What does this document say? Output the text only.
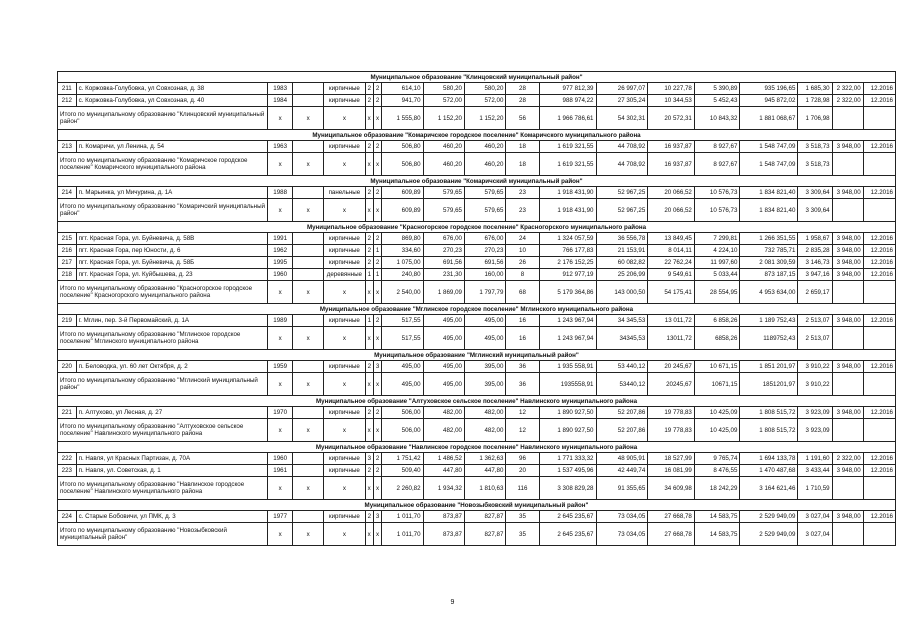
Муниципальное образование "Клинцовский муниципальный район"																		
211	с. Коржовка-Голубовка, ул Совхозная, д. 38	1983		кирпичные	2	2	614,10	580,20	580,20	28	977 812,39	26 997,07	10 227,78	5 390,89	935 196,65	1 685,30	2 322,00	12.2016
212	с. Коржовка-Голубовка, ул Совхозная, д. 40	1984		кирпичные	2	2	941,70	572,00	572,00	28	988 974,22	27 305,24	10 344,53	5 452,43	945 872,02	1 728,98	2 322,00	12.2016
Итого по муниципальному образованию "Клинцовский муниципальный район"		х	х	х	х	х	1 555,80	1 152,20	1 152,20	56	1 966 786,61	54 302,31	20 572,31	10 843,32	1 881 068,67	1 706,98		
Муниципальное образование "Комаричское городское поселение" Комаричского муниципального района																		
213	п. Комаричи, ул Ленина, д. 54	1963		кирпичные	2	2	506,80	460,20	460,20	18	1 619 321,55	44 708,92	16 937,87	8 927,67	1 548 747,09	3 518,73	3 948,00	12.2016
Итого по муниципальному образованию "Комаричское городское поселение" Комаричского муниципального района		х	х	х	х	х	506,80	460,20	460,20	18	1 619 321,55	44 708,92	16 937,87	8 927,67	1 548 747,09	3 518,73		
Муниципальное образование "Комаричский муниципальный район"																		
214	п. Марьинка, ул Мичурина, д. 1А	1988		панельные	2	2	609,89	579,65	579,65	23	1 918 431,90	52 967,25	20 066,52	10 576,73	1 834 821,40	3 309,64	3 948,00	12.2016
Итого по муниципальному образованию "Комаричский муниципальный район"		х	х	х	х	х	609,89	579,65	579,65	23	1 918 431,90	52 967,25	20 066,52	10 576,73	1 834 821,40	3 309,64		
Муниципальное образование "Красногорское городское поселение" Красногорского муниципального района																		
215	пгт. Красная Гора, ул. Буйневича, д. 58В	1991		кирпичные	2	2	869,80	676,00	676,00	24	1 324 057,59	36 556,78	13 849,45	7 299,81	1 266 351,55	1 958,67	3 948,00	12.2016
216	пгт. Красная Гора, пер Юности, д. 6	1962		кирпичные	2	1	334,60	270,23	270,23	10	766 177,83	21 153,91	8 014,11	4 224,10	732 785,71	2 835,28	3 948,00	12.2016
217	пгт. Красная Гора, ул. Буйневича, д. 58Б	1995		кирпичные	2	2	1 075,00	691,56	691,56	26	2 176 152,25	60 082,82	22 762,24	11 997,60	2 081 309,59	3 146,73	3 948,00	12.2016
218	пгт. Красная Гора, ул. Куйбышева, д. 23	1960		деревянные	1	1	240,80	231,30	160,00	8	912 977,19	25 206,99	9 549,61	5 033,44	873 187,15	3 947,16	3 948,00	12.2016
Итого по муниципальному образованию "Красногорское городское поселение" Красногорского муниципального района		х	х	х	х	х	2 540,00	1 869,09	1 797,79	68	5 179 364,86	143 000,50	54 175,41	28 554,95	4 953 634,00	2 659,17		
Муниципальное образование "Мглинское городское поселение" Мглинского муниципального района																		
219	г. Мглин, пер. 3-й Первомайский, д. 1А	1989		кирпичные	1	2	517,55	495,00	495,00	16	1 243 967,94	34 345,53	13 011,72	6 858,26	1 189 752,43	2 513,07	3 948,00	12.2016
Итого по муниципальному образованию "Мглинское городское поселение" Мглинского муниципального района		х	х	х	х	х	517,55	495,00	495,00	16	1 243 967,94	34345,53	13011,72	6858,26	1189752,43	2 513,07		
Муниципальное образование "Мглинский муниципальный район"																		
220	п. Беловодка, ул. 60 лет Октября, д. 2	1959		кирпичные	2	3	495,00	495,00	395,00	36	1 935 558,91	53 440,12	20 245,67	10 671,15	1 851 201,97	3 910,22	3 948,00	12.2016
Итого по муниципальному образованию "Мглинский муниципальный район"		х	х	х	х	х	495,00	495,00	395,00	36	1935558,91	53440,12	20245,67	10671,15	1851201,97	3 910,22		
Муниципальное образование "Алтуховское сельское поселение" Навлинского муниципального района																		
221	п. Алтухово, ул Лесная, д. 27	1970		кирпичные	2	2	506,00	482,00	482,00	12	1 890 927,50	52 207,86	19 778,83	10 425,09	1 808 515,72	3 923,09	3 948,00	12.2016
Итого по муниципальному образованию "Алтуховское сельское поселение" Навлинского муниципального района		х	х	х	х	х	506,00	482,00	482,00	12	1 890 927,50	52 207,86	19 778,83	10 425,09	1 808 515,72	3 923,09		
Муниципальное образование "Навлинское городское поселение" Навлинского муниципального района																		
222	п. Навля, ул Красных Партизан, д. 70А	1960		кирпичные	3	2	1 751,42	1 486,52	1 362,63	96	1 771 333,32	48 905,91	18 527,99	9 765,74	1 694 133,78	1 191,60	2 322,00	12.2016
223	п. Навля, ул. Советская, д. 1	1961		кирпичные	2	2	509,40	447,80	447,80	20	1 537 495,96	42 449,74	16 081,99	8 476,55	1 470 487,68	3 433,44	3 948,00	12.2016
Итого по муниципальному образованию "Навлинское городское поселение" Навлинского муниципального района		х	х	х	х	х	2 260,82	1 934,32	1 810,63	116	3 308 829,28	91 355,65	34 609,98	18 242,29	3 164 621,46	1 710,59		
Муниципальное образование "Новозыбковский муниципальный район"																		
224	с. Старые Бобовичи, ул ПМК, д. 3	1977		кирпичные	2	3	1 011,70	873,87	827,87	35	2 645 235,67	73 034,05	27 668,78	14 583,75	2 529 949,09	3 027,04	3 948,00	12.2016
Итого по муниципальному образованию "Новозыбковский муниципальный район"		х	х	х	х	х	1 011,70	873,87	827,87	35	2 645 235,67	73 034,05	27 668,78	14 583,75	2 529 949,09	3 027,04		
9
